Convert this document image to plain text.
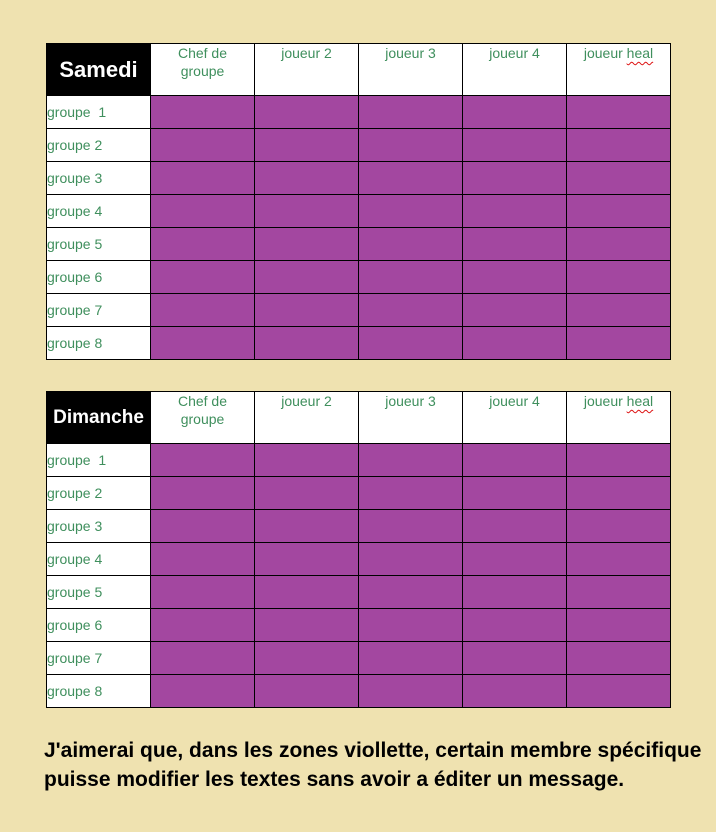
Samedi	Chef de groupe	joueur 2	joueur 3	joueur 4	joueur heal
groupe  1					
groupe 2					
groupe 3					
groupe 4					
groupe 5					
groupe 6					
groupe 7					
groupe 8					
Dimanche	Chef de groupe	joueur 2	joueur 3	joueur 4	joueur heal
groupe  1					
groupe 2					
groupe 3					
groupe 4					
groupe 5					
groupe 6					
groupe 7					
groupe 8					
J'aimerai que, dans les zones viollette, certain membre spécifique puisse modifier les textes sans avoir a éditer un message.
